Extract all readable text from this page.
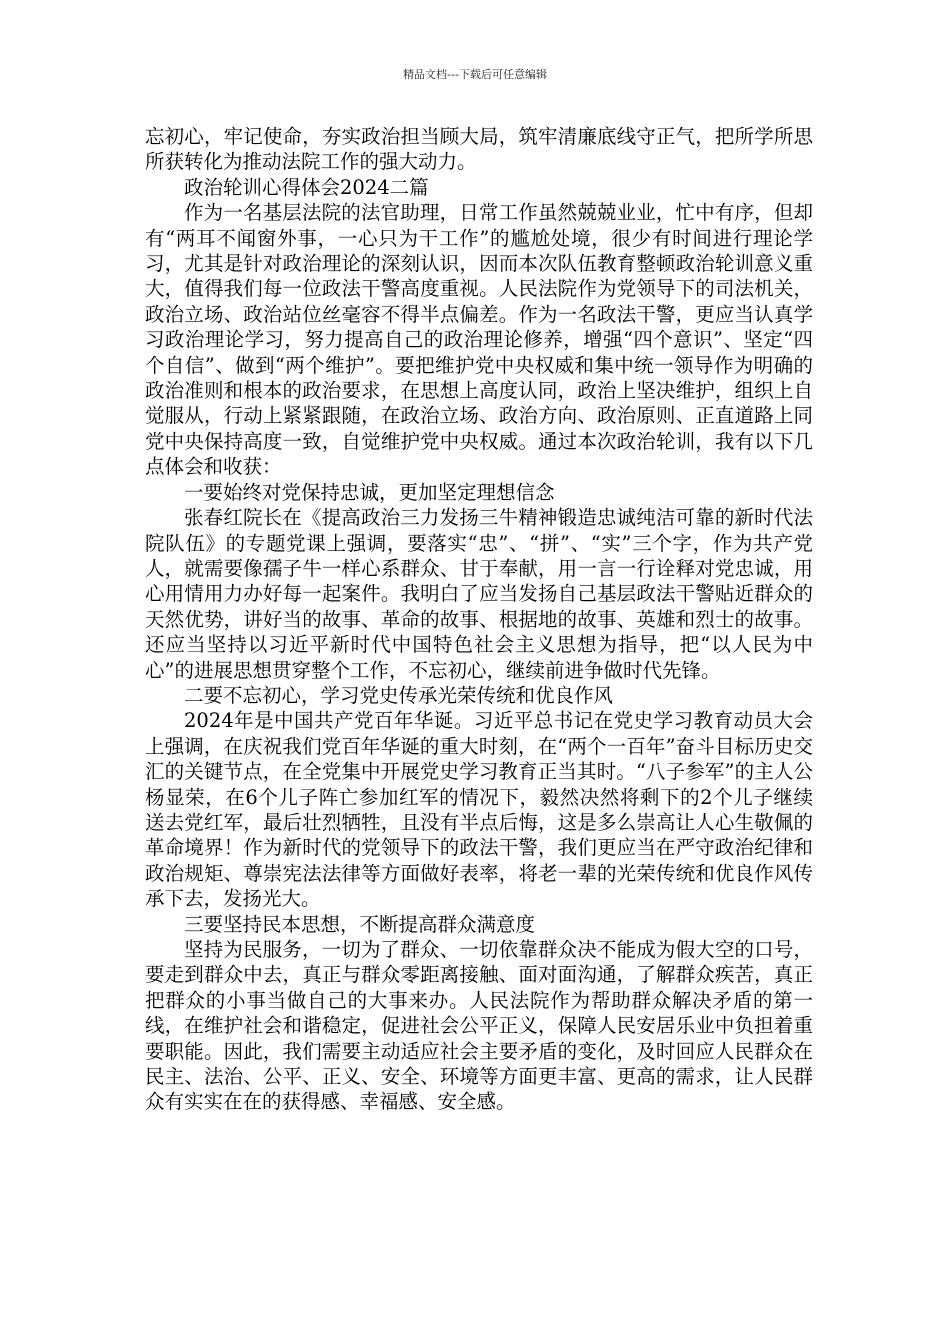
精品文档---下载后可任意编辑

忘初心，牢记使命，夯实政治担当顾大局，筑牢清廉底线守正气，把所学所思所获转化为推动法院工作的强大动力。

政治轮训心得体会2024二篇

作为一名基层法院的法官助理，日常工作虽然兢兢业业，忙中有序，但却有“两耳不闻窗外事，一心只为干工作”的尴尬处境，很少有时间进行理论学习，尤其是针对政治理论的深刻认识，因而本次队伍教育整顿政治轮训意义重大，值得我们每一位政法干警高度重视。人民法院作为党领导下的司法机关，政治立场、政治站位丝毫容不得半点偏差。作为一名政法干警，更应当认真学习政治理论学习，努力提高自己的政治理论修养，增强“四个意识”、坚定“四个自信”、做到“两个维护”。要把维护党中央权威和集中统一领导作为明确的政治准则和根本的政治要求，在思想上高度认同，政治上坚决维护，组织上自觉服从，行动上紧紧跟随，在政治立场、政治方向、政治原则、正直道路上同党中央保持高度一致，自觉维护党中央权威。通过本次政治轮训，我有以下几点体会和收获：

一要始终对党保持忠诚，更加坚定理想信念

张春红院长在《提高政治三力发扬三牛精神锻造忠诚纯洁可靠的新时代法院队伍》的专题党课上强调，要落实“忠”、“拼”、“实”三个字，作为共产党人，就需要像孺子牛一样心系群众、甘于奉献，用一言一行诠释对党忠诚，用心用情用力办好每一起案件。我明白了应当发扬自己基层政法干警贴近群众的天然优势，讲好当的故事、革命的故事、根据地的故事、英雄和烈士的故事。还应当坚持以习近平新时代中国特色社会主义思想为指导，把“以人民为中心”的进展思想贯穿整个工作，不忘初心，继续前进争做时代先锋。

二要不忘初心，学习党史传承光荣传统和优良作风

2024年是中国共产党百年华诞。习近平总书记在党史学习教育动员大会上强调，在庆祝我们党百年华诞的重大时刻，在“两个一百年”奋斗目标历史交汇的关键节点，在全党集中开展党史学习教育正当其时。“八子参军”的主人公杨显荣，在6个儿子阵亡参加红军的情况下，毅然决然将剩下的2个儿子继续送去党红军，最后壮烈牺牲，且没有半点后悔，这是多么崇高让人心生敬佩的革命境界！作为新时代的党领导下的政法干警，我们更应当在严守政治纪律和政治规矩、尊崇宪法法律等方面做好表率，将老一辈的光荣传统和优良作风传承下去，发扬光大。

三要坚持民本思想，不断提高群众满意度

坚持为民服务，一切为了群众、一切依靠群众决不能成为假大空的口号，要走到群众中去，真正与群众零距离接触、面对面沟通，了解群众疾苦，真正把群众的小事当做自己的大事来办。人民法院作为帮助群众解决矛盾的第一线，在维护社会和谐稳定，促进社会公平正义，保障人民安居乐业中负担着重要职能。因此，我们需要主动适应社会主要矛盾的变化，及时回应人民群众在民主、法治、公平、正义、安全、环境等方面更丰富、更高的需求，让人民群众有实实在在的获得感、幸福感、安全感。
